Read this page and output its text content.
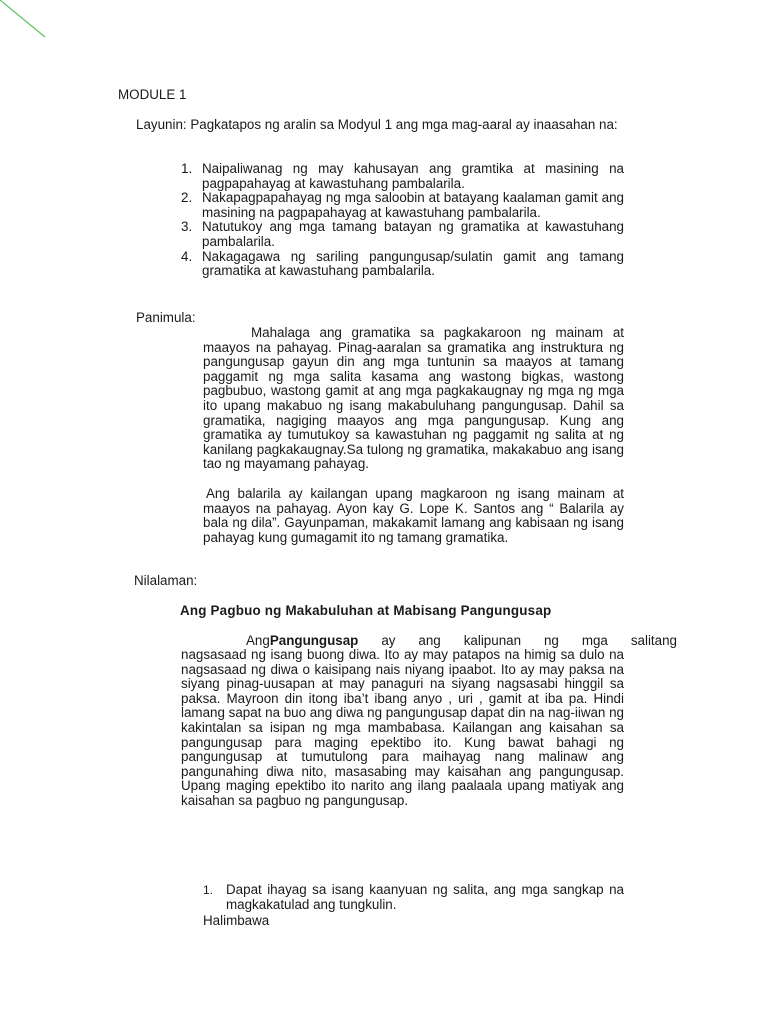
MODULE 1

Layunin: Pagkatapos ng aralin sa Modyul 1 ang mga mag-aaral ay inaasahan na:

1. Naipaliwanag ng may kahusayan ang gramtika at masining na pagpapahayag at kawastuhang pambalarila.
2. Nakapagpapahayag ng mga saloobin at batayang kaalaman gamit ang masining na pagpapahayag at kawastuhang pambalarila.
3. Natutukoy ang mga tamang batayan ng gramatika at kawastuhang pambalarila.
4. Nakagagawa ng sariling pangungusap/sulatin gamit ang tamang gramatika at kawastuhang pambalarila.
Panimula:

Mahalaga ang gramatika sa pagkakaroon ng mainam at maayos na pahayag. Pinag-aaralan sa gramatika ang instruktura ng pangungusap gayun din ang mga tuntunin sa maayos at tamang paggamit ng mga salita kasama ang wastong bigkas, wastong pagbubuo, wastong gamit at ang mga pagkakaugnay ng mga ng mga ito upang makabuo ng isang makabuluhang pangungusap. Dahil sa gramatika, nagiging maayos ang mga pangungusap. Kung ang gramatika ay tumutukoy sa kawastuhan ng paggamit ng salita at ng kanilang pagkakaugnay.Sa tulong ng gramatika, makakabuo ang isang tao ng mayamang pahayag.

Ang balarila ay kailangan upang magkaroon ng isang mainam at maayos na pahayag. Ayon kay G. Lope K. Santos ang “ Balarila ay bala ng dila”. Gayunpaman, makakamit lamang ang kabisaan ng isang pahayag kung gumagamit ito ng tamang gramatika.

Nilalaman:
Ang Pagbuo ng Makabuluhan at Mabisang Pangungusap
AngPangungusap ay ang kalipunan ng mga salitang

nagsasaad ng isang buong diwa. Ito ay may patapos na himig sa dulo na nagsasaad ng diwa o kaisipang nais niyang ipaabot. Ito ay may paksa na siyang pinag-uusapan at may panaguri na siyang nagsasabi hinggil sa paksa. Mayroon din itong iba’t ibang anyo , uri , gamit at iba pa. Hindi lamang sapat na buo ang diwa ng pangungusap dapat din na nag-iiwan ng kakintalan sa isipan ng mga mambabasa. Kailangan ang kaisahan sa pangungusap para maging epektibo ito. Kung bawat bahagi ng pangungusap at tumutulong para maihayag nang malinaw ang pangunahing diwa nito, masasabing may kaisahan ang pangungusap. Upang maging epektibo ito narito ang ilang paalaala upang matiyak ang kaisahan sa pagbuo ng pangungusap.

1. Dapat ihayag sa isang kaanyuan ng salita, ang mga sangkap na magkakatulad ang tungkulin.

Halimbawa
